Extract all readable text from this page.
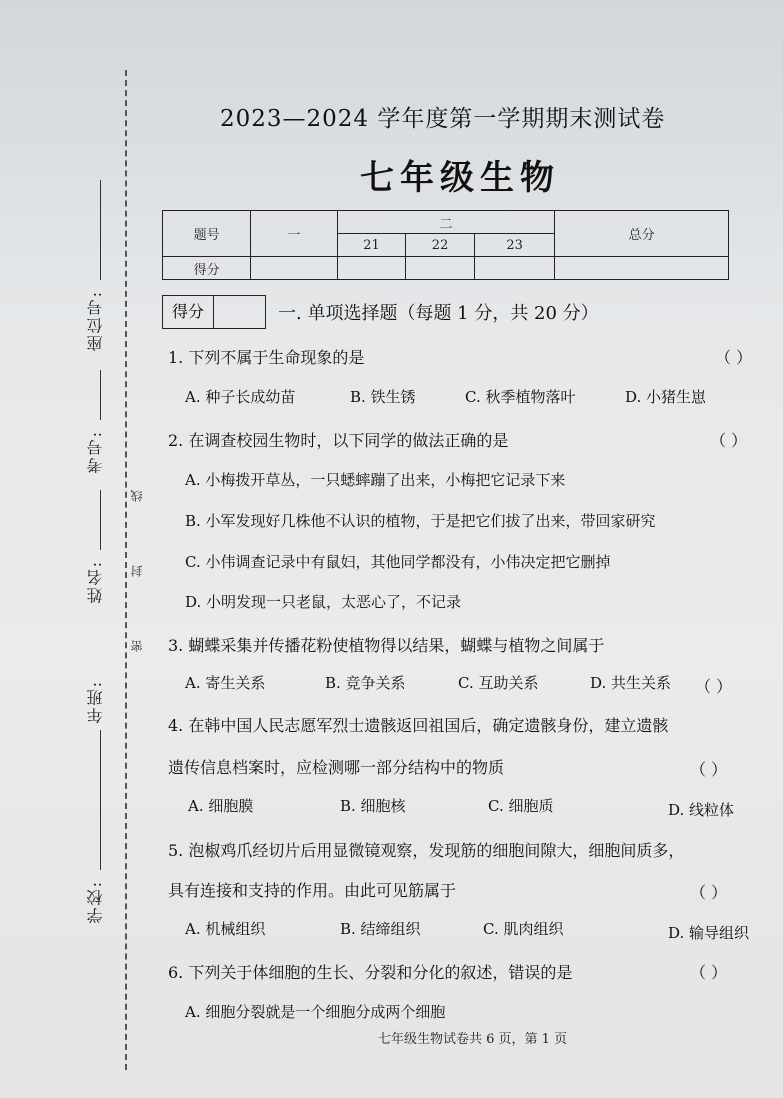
座位号:
考号:
姓名:
年班:
学校:
密
封
线
2023—2024 学年度第一学期期末测试卷
七年级生物
题号	一	二			总分
		21	22	23	
得分					
得分	一. 单项选择题（每题 1 分，共 20 分）
1. 下列不属于生命现象的是	（ ）
A. 种子长成幼苗	B. 铁生锈	C. 秋季植物落叶	D. 小猪生崽
2. 在调查校园生物时，以下同学的做法正确的是	（ ）
A. 小梅拨开草丛，一只蟋蟀蹦了出来，小梅把它记录下来
B. 小军发现好几株他不认识的植物，于是把它们拔了出来，带回家研究
C. 小伟调查记录中有鼠妇，其他同学都没有，小伟决定把它删掉
D. 小明发现一只老鼠，太恶心了，不记录
3. 蝴蝶采集并传播花粉使植物得以结果，蝴蝶与植物之间属于
A. 寄生关系	B. 竞争关系	C. 互助关系	D. 共生关系 （ ）
4. 在韩中国人民志愿军烈士遗骸返回祖国后，确定遗骸身份，建立遗骸
遗传信息档案时，应检测哪一部分结构中的物质	（ ）
A. 细胞膜	B. 细胞核	C. 细胞质	D. 线粒体
5. 泡椒鸡爪经切片后用显微镜观察，发现筋的细胞间隙大，细胞间质多，
具有连接和支持的作用。由此可见筋属于	（ ）
A. 机械组织	B. 结缔组织	C. 肌肉组织	D. 输导组织
6. 下列关于体细胞的生长、分裂和分化的叙述，错误的是	（ ）
A. 细胞分裂就是一个细胞分成两个细胞
七年级生物试卷共 6 页，第 1 页
